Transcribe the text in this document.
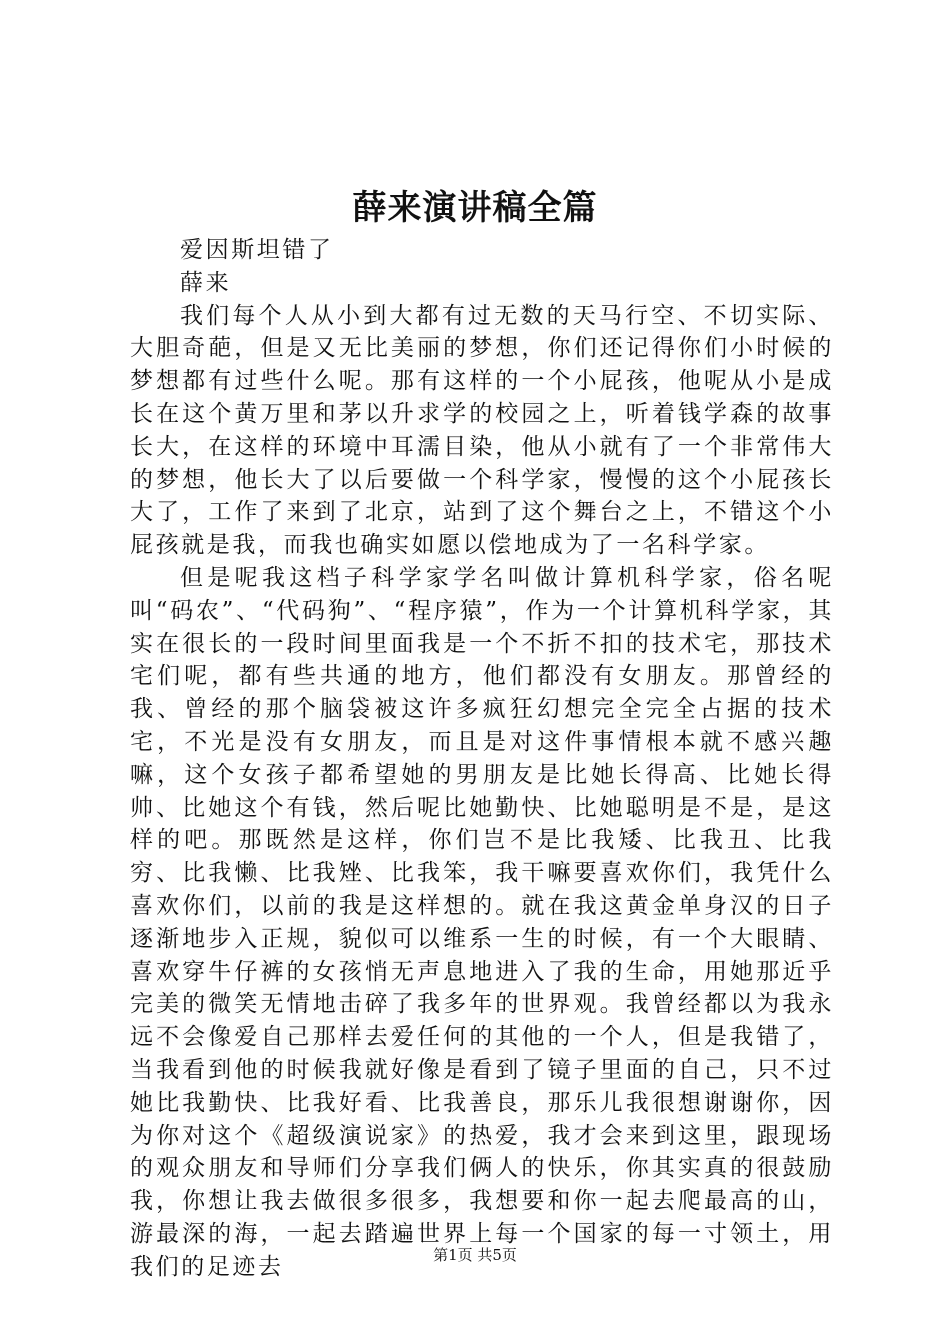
薛来演讲稿全篇

爱因斯坦错了

薛来

我们每个人从小到大都有过无数的天马行空、不切实际、大胆奇葩，但是又无比美丽的梦想，你们还记得你们小时候的梦想都有过些什么呢。那有这样的一个小屁孩，他呢从小是成长在这个黄万里和茅以升求学的校园之上，听着钱学森的故事长大，在这样的环境中耳濡目染，他从小就有了一个非常伟大的梦想，他长大了以后要做一个科学家，慢慢的这个小屁孩长大了，工作了来到了北京，站到了这个舞台之上，不错这个小屁孩就是我，而我也确实如愿以偿地成为了一名科学家。

但是呢我这档子科学家学名叫做计算机科学家，俗名呢叫“码农”、“代码狗”、“程序猿”，作为一个计算机科学家，其实在很长的一段时间里面我是一个不折不扣的技术宅，那技术宅们呢，都有些共通的地方，他们都没有女朋友。那曾经的我、曾经的那个脑袋被这许多疯狂幻想完全完全占据的技术宅，不光是没有女朋友，而且是对这件事情根本就不感兴趣嘛，这个女孩子都希望她的男朋友是比她长得高、比她长得帅、比她这个有钱，然后呢比她勤快、比她聪明是不是，是这样的吧。那既然是这样，你们岂不是比我矮、比我丑、比我穷、比我懒、比我矬、比我笨，我干嘛要喜欢你们，我凭什么喜欢你们，以前的我是这样想的。就在我这黄金单身汉的日子逐渐地步入正规，貌似可以维系一生的时候，有一个大眼睛、喜欢穿牛仔裤的女孩悄无声息地进入了我的生命，用她那近乎完美的微笑无情地击碎了我多年的世界观。我曾经都以为我永远不会像爱自己那样去爱任何的其他的一个人，但是我错了，当我看到他的时候我就好像是看到了镜子里面的自己，只不过她比我勤快、比我好看、比我善良，那乐儿我很想谢谢你，因为你对这个《超级演说家》的热爱，我才会来到这里，跟现场的观众朋友和导师们分享我们俩人的快乐，你其实真的很鼓励我，你想让我去做很多很多，我想要和你一起去爬最高的山，游最深的海，一起去踏遍世界上每一个国家的每一寸领土，用我们的足迹去	第1页 共5页
